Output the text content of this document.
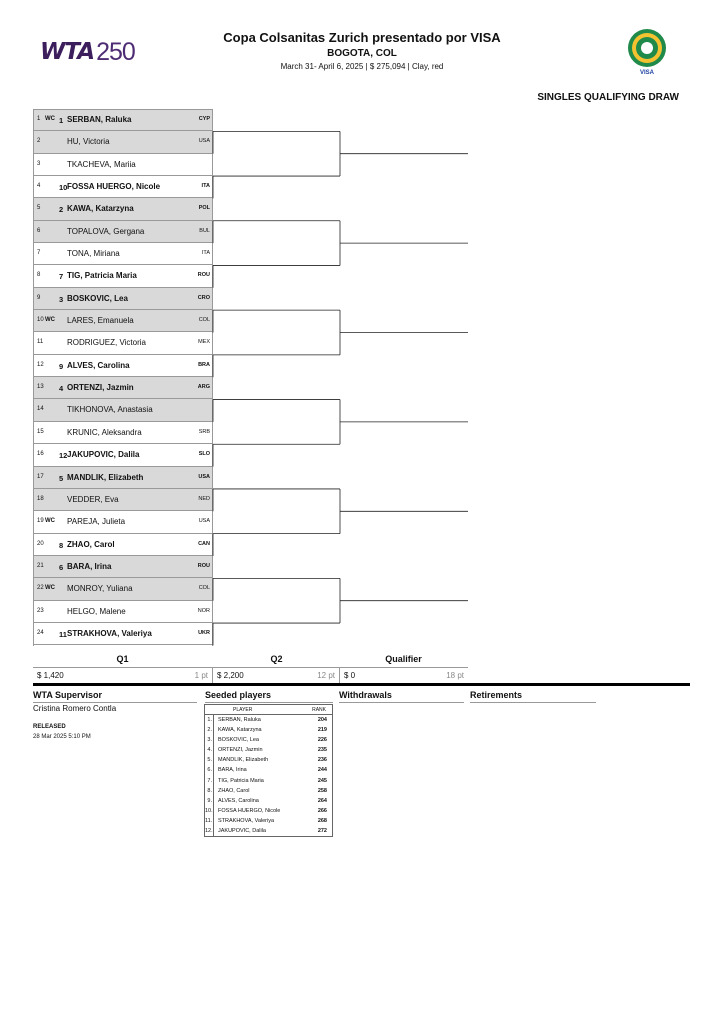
WTA 250	Copa Colsanitas Zurich presentado por VISA
BOGOTA, COL
March 31- April 6, 2025 | $ 275,094 | Clay, red
VISA
SINGLES QUALIFYING DRAW
1 WC 1 SERBAN, Raluka	CYP
2	HU, Victoria	USA
3	TKACHEVA, Mariia
4 10 FOSSA HUERGO, Nicole	ITA
5 2 KAWA, Katarzyna	POL
6	TOPALOVA, Gergana	BUL
7	TONA, Miriana	ITA
8 7 TIG, Patricia Maria	ROU
9 3 BOSKOVIC, Lea	CRO
10 WC LARES, Emanuela	COL
11	RODRIGUEZ, Victoria	MEX
12 9 ALVES, Carolina	BRA
13 4 ORTENZI, Jazmin	ARG
14	TIKHONOVA, Anastasia
15	KRUNIC, Aleksandra	SRB
16 12 JAKUPOVIC, Dalila	SLO
17 5 MANDLIK, Elizabeth	USA
18	VEDDER, Eva	NED
19 WC PAREJA, Julieta	USA
20 8 ZHAO, Carol	CAN
21 6 BARA, Irina	ROU
22 WC MONROY, Yuliana	COL
23	HELGO, Malene	NOR
24 11 STRAKHOVA, Valeriya	UKR
Q1	Q2	Qualifier
$ 1,420	1 pt $ 2,200	12 pt $ 0	18 pt
WTA Supervisor	Seeded players	Withdrawals	Retirements
Cristina Romero Contla
RELEASED
28 Mar 2025 5:10 PM
PLAYER	RANK
1.	SERBAN, Raluka	204
2.	KAWA, Katarzyna	219
3.	BOSKOVIC, Lea	226
4.	ORTENZI, Jazmin	235
5.	MANDLIK, Elizabeth	236
6.	BARA, Irina	244
7.	TIG, Patricia Maria	245
8.	ZHAO, Carol	258
9.	ALVES, Carolina	264
10. FOSSA HUERGO, Nicole	266
11.	STRAKHOVA, Valeriya	268
12. JAKUPOVIC, Dalila	272
